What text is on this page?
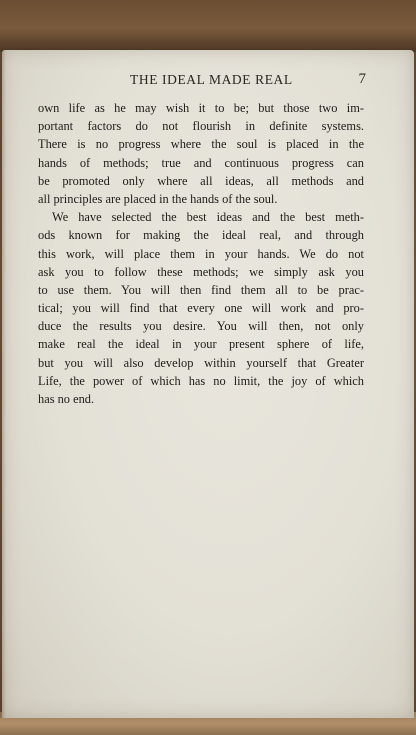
THE IDEAL MADE REAL	7
own life as he may wish it to be; but those two im-
portant factors do not flourish in definite systems.
There is no progress where the soul is placed in the
hands of methods; true and continuous progress can
be promoted only where all ideas, all methods and
all principles are placed in the hands of the soul.
We have selected the best ideas and the best meth-
ods known for making the ideal real, and through
this work, will place them in your hands. We do not
ask you to follow these methods; we simply ask you
to use them. You will then find them all to be prac-
tical; you will find that every one will work and pro-
duce the results you desire. You will then, not only
make real the ideal in your present sphere of life,
but you will also develop within yourself that Greater
Life, the power of which has no limit, the joy of which
has no end.
